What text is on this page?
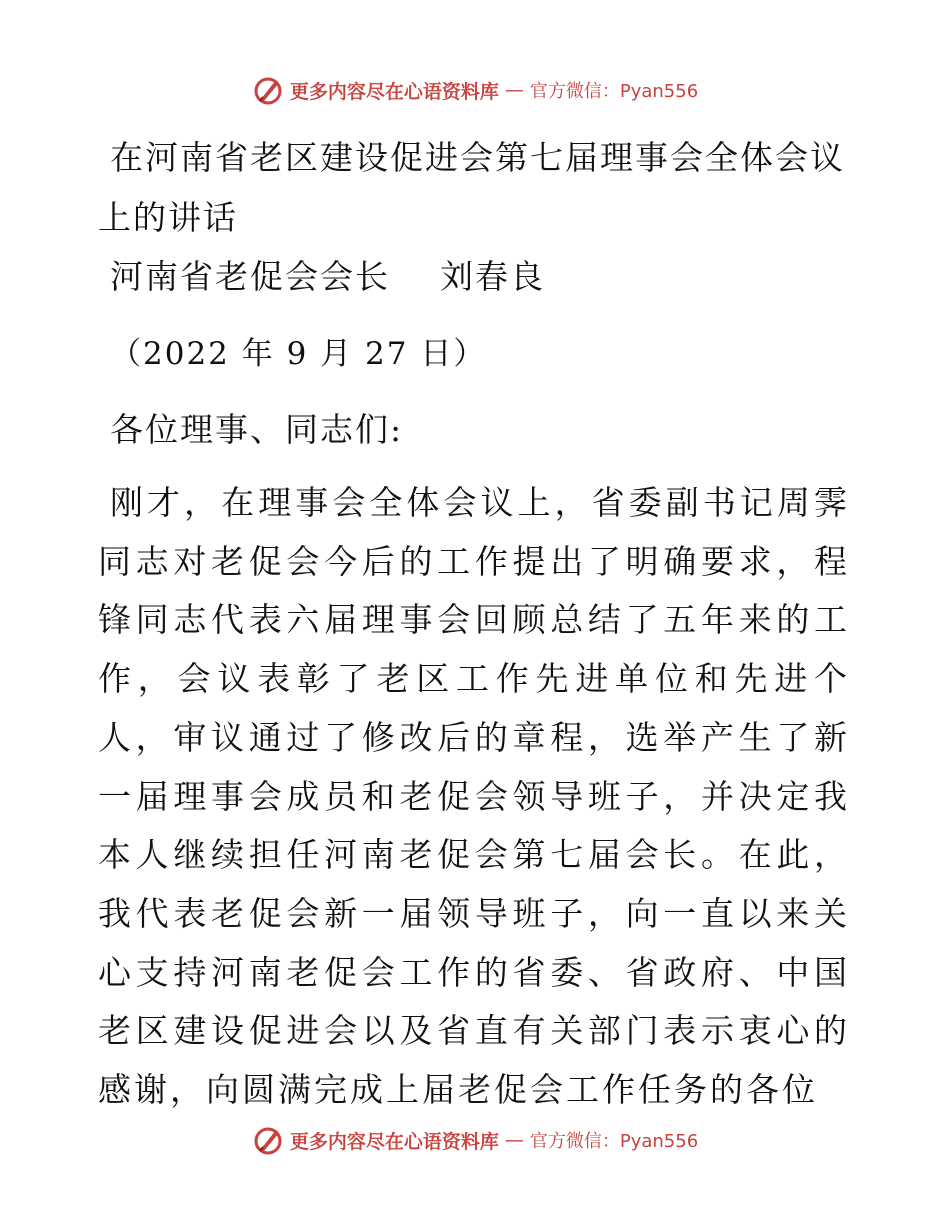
更多内容尽在心语资料库 — 官方微信：Pyan556
在河南省老区建设促进会第七届理事会全体会议上的讲话
河南省老促会会长    刘春良
（2022 年 9 月 27 日）
各位理事、同志们:
刚才，在理事会全体会议上，省委副书记周霁同志对老促会今后的工作提出了明确要求，程锋同志代表六届理事会回顾总结了五年来的工作，会议表彰了老区工作先进单位和先进个人，审议通过了修改后的章程，选举产生了新一届理事会成员和老促会领导班子，并决定我本人继续担任河南老促会第七届会长。在此，我代表老促会新一届领导班子，向一直以来关心支持河南老促会工作的省委、省政府、中国老区建设促进会以及省直有关部门表示衷心的感谢，向圆满完成上届老促会工作任务的各位
更多内容尽在心语资料库 — 官方微信：Pyan556
